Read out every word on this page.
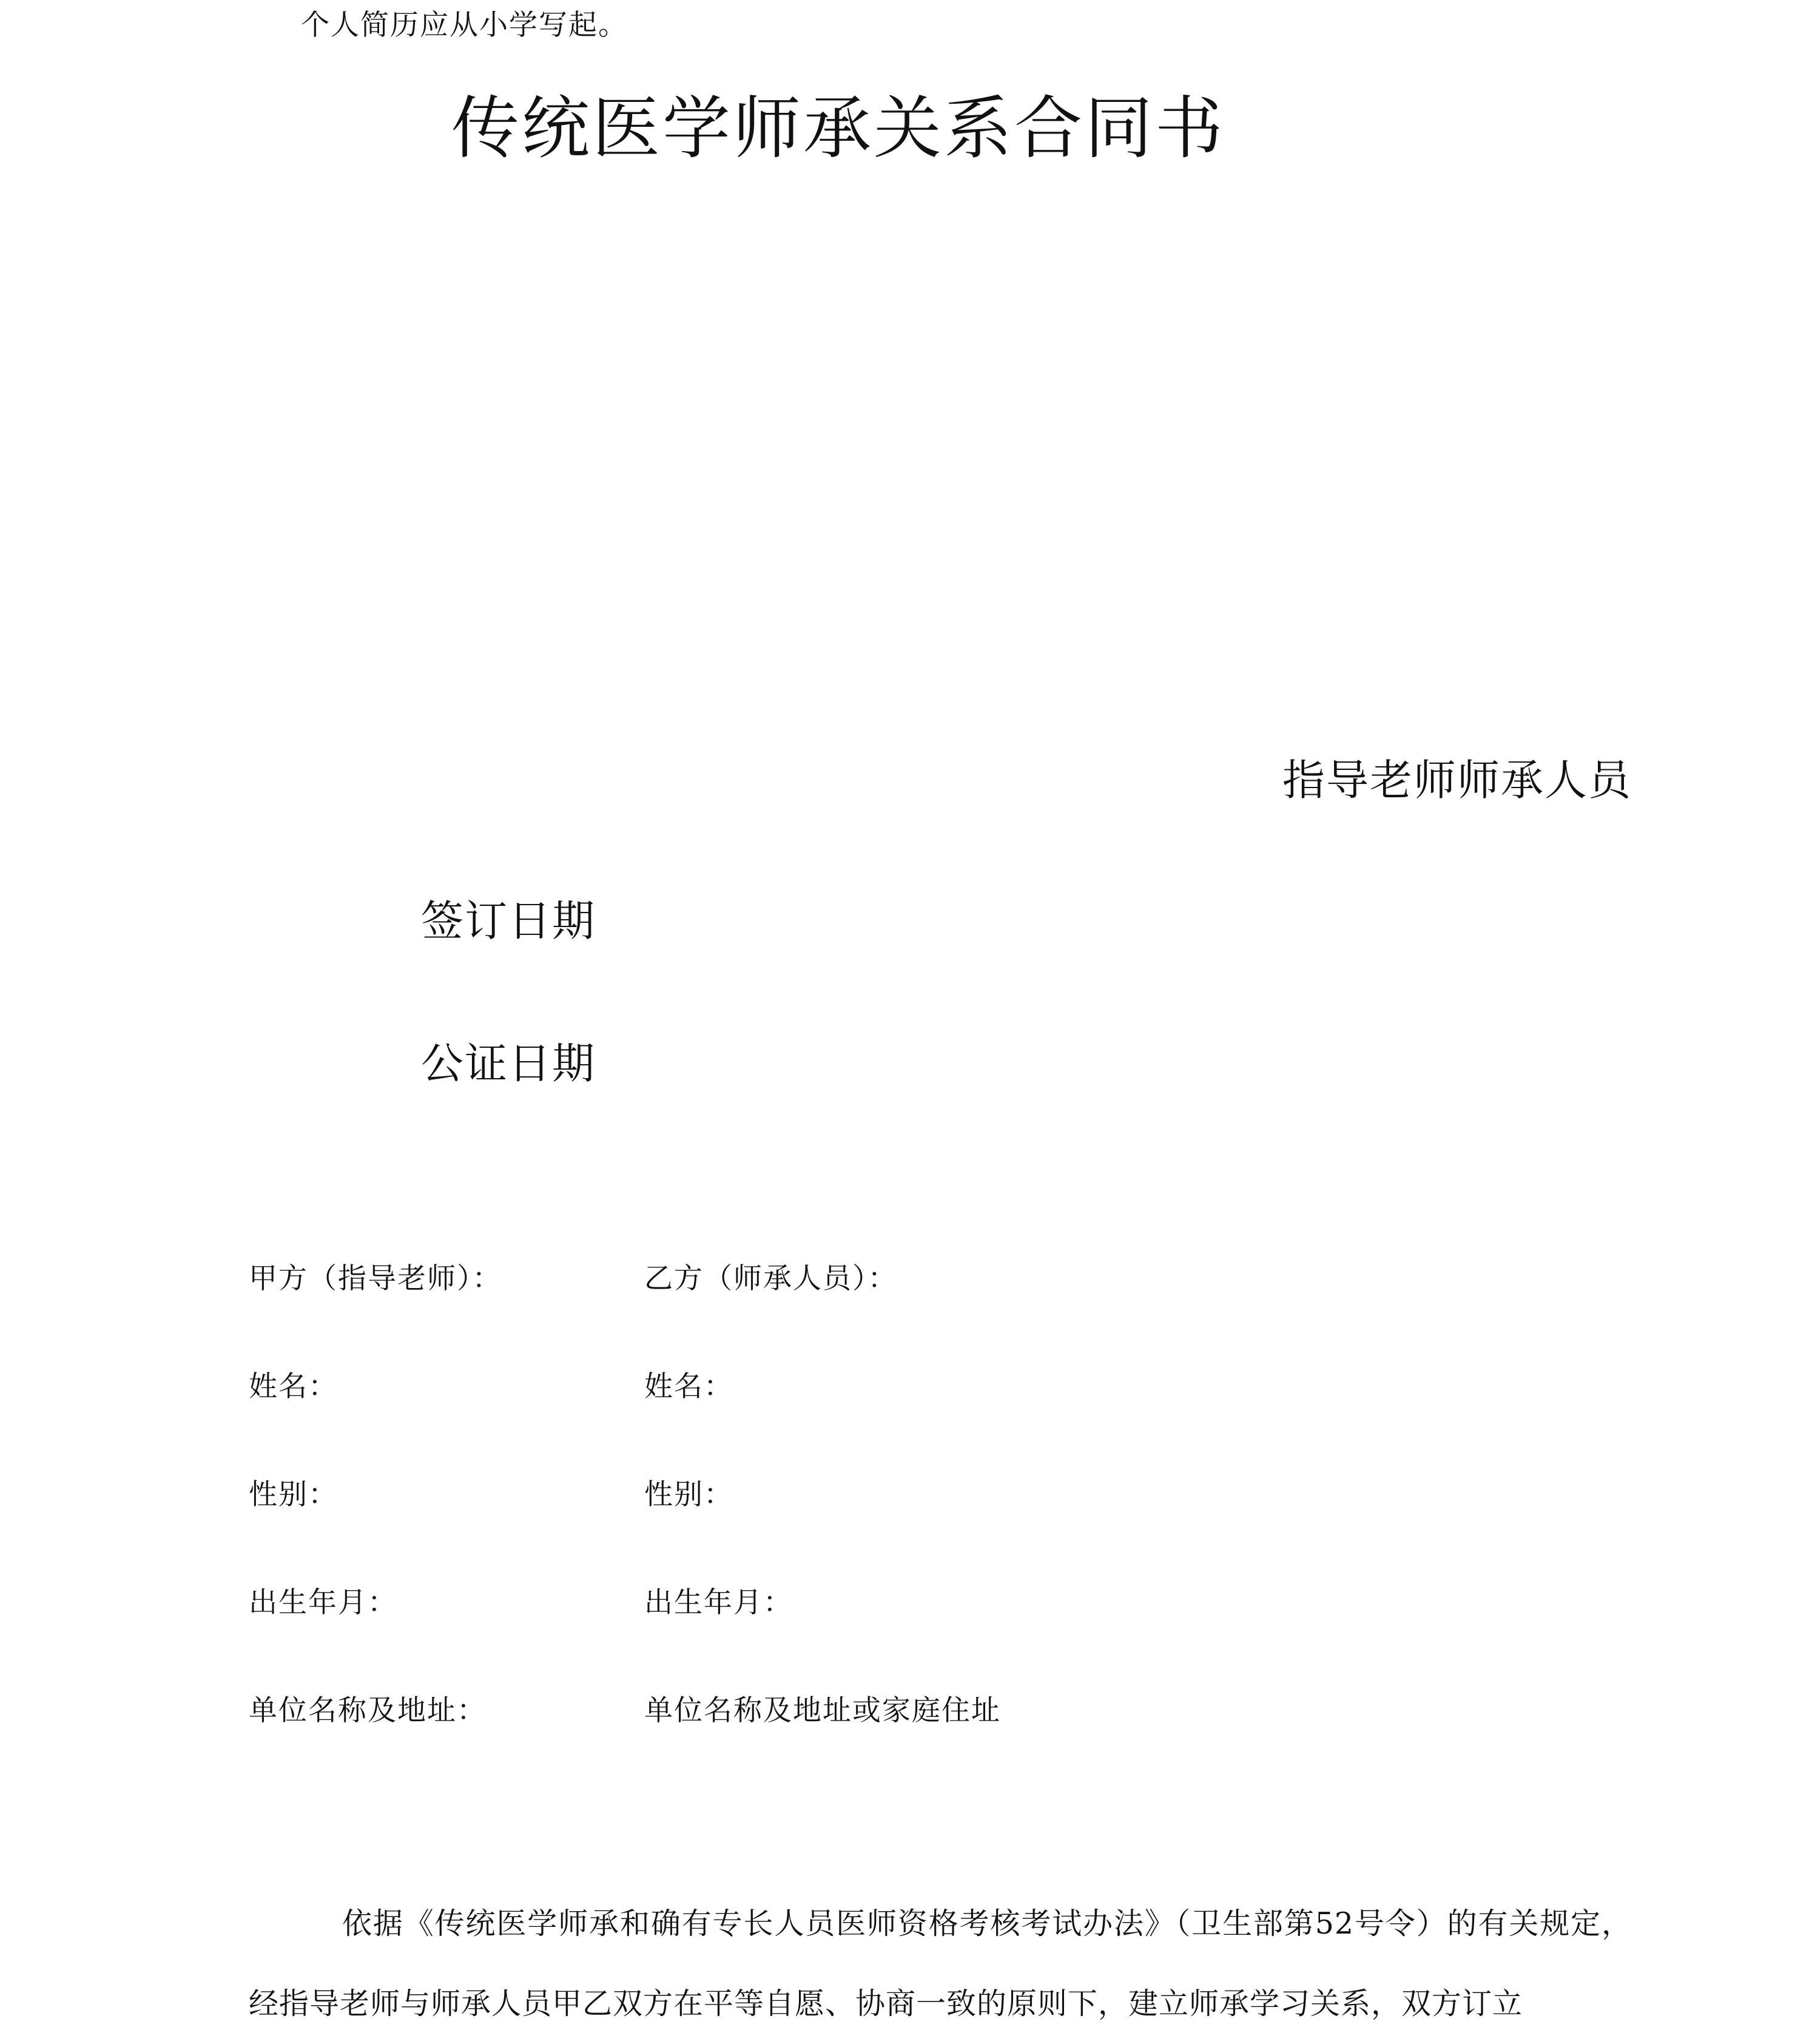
个人简历应从小学写起。
传统医学师承关系合同书
指导老师师承人员
签订日期
公证日期
甲方（指导老师）：
姓名：
性别：
出生年月：
单位名称及地址：
乙方（师承人员）：
姓名：
性别：
出生年月：
单位名称及地址或家庭住址

依据《传统医学师承和确有专长人员医师资格考核考试办法》（卫生部第52号令）的有关规定，经指导老师与师承人员甲乙双方在平等自愿、协商一致的原则下，建立师承学习关系，双方订立
